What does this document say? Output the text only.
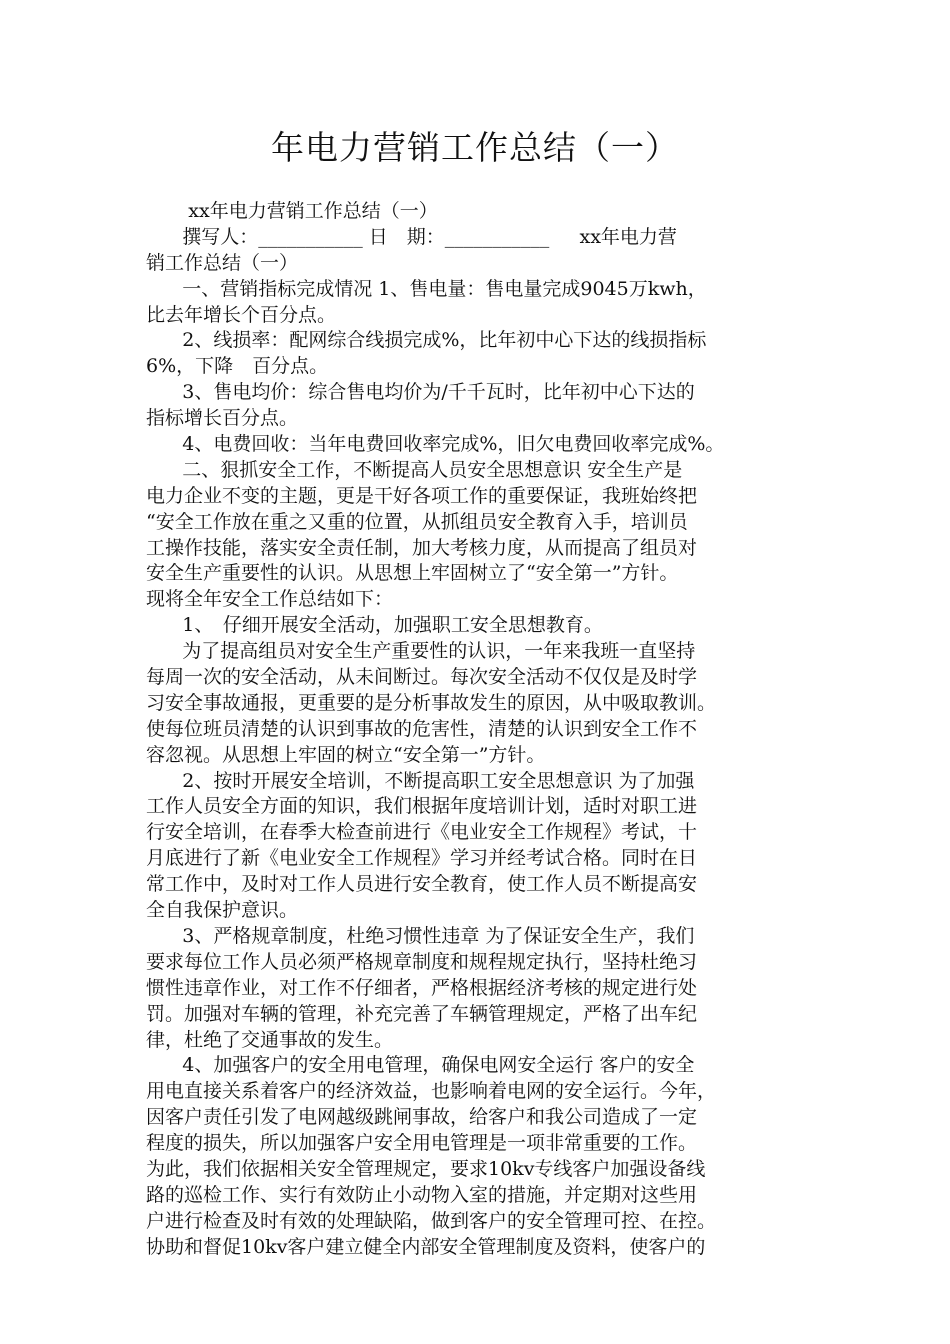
年电力营销工作总结（一）
xx年电力营销工作总结（一）
撰写人：___________ 日　期：___________     xx年电力营
销工作总结（一）
一、营销指标完成情况 1、售电量：售电量完成9045万kwh，
比去年增长个百分点。
2、线损率：配网综合线损完成%，比年初中心下达的线损指标
6%，下降　百分点。
3、售电均价：综合售电均价为/千千瓦时，比年初中心下达的
指标增长百分点。
4、电费回收：当年电费回收率完成%，旧欠电费回收率完成%。
二、狠抓安全工作，不断提高人员安全思想意识 安全生产是
电力企业不变的主题，更是干好各项工作的重要保证，我班始终把
“安全工作放在重之又重的位置，从抓组员安全教育入手，培训员
工操作技能，落实安全责任制，加大考核力度，从而提高了组员对
安全生产重要性的认识。从思想上牢固树立了“安全第一”方针。
现将全年安全工作总结如下：
1、　仔细开展安全活动，加强职工安全思想教育。
为了提高组员对安全生产重要性的认识，一年来我班一直坚持
每周一次的安全活动，从未间断过。每次安全活动不仅仅是及时学
习安全事故通报，更重要的是分析事故发生的原因，从中吸取教训。
使每位班员清楚的认识到事故的危害性，清楚的认识到安全工作不
容忽视。从思想上牢固的树立“安全第一”方针。
2、按时开展安全培训，不断提高职工安全思想意识 为了加强
工作人员安全方面的知识，我们根据年度培训计划，适时对职工进
行安全培训，在春季大检查前进行《电业安全工作规程》考试，十
月底进行了新《电业安全工作规程》学习并经考试合格。同时在日
常工作中，及时对工作人员进行安全教育，使工作人员不断提高安
全自我保护意识。
3、严格规章制度，杜绝习惯性违章 为了保证安全生产，我们
要求每位工作人员必须严格规章制度和规程规定执行，坚持杜绝习
惯性违章作业，对工作不仔细者，严格根据经济考核的规定进行处
罚。加强对车辆的管理，补充完善了车辆管理规定，严格了出车纪
律，杜绝了交通事故的发生。
4、加强客户的安全用电管理，确保电网安全运行 客户的安全
用电直接关系着客户的经济效益，也影响着电网的安全运行。今年，
因客户责任引发了电网越级跳闸事故，给客户和我公司造成了一定
程度的损失，所以加强客户安全用电管理是一项非常重要的工作。
为此，我们依据相关安全管理规定，要求10kv专线客户加强设备线
路的巡检工作、实行有效防止小动物入室的措施，并定期对这些用
户进行检查及时有效的处理缺陷，做到客户的安全管理可控、在控。
协助和督促10kv客户建立健全内部安全管理制度及资料，使客户的
